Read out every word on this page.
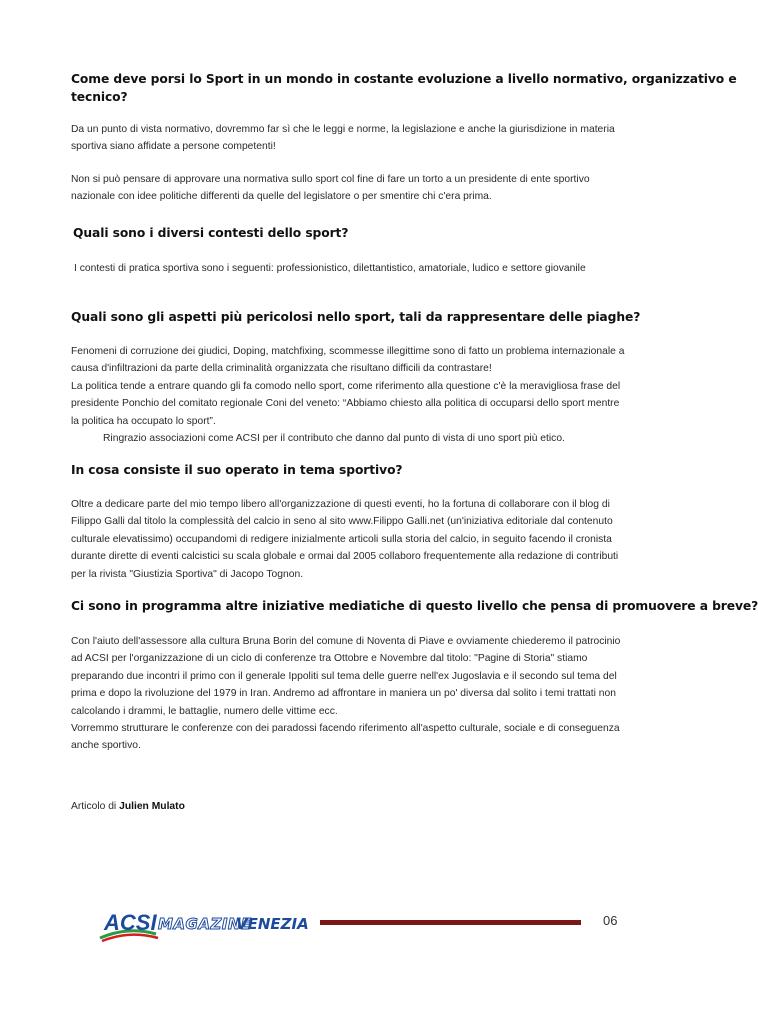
Come deve porsi lo Sport in un mondo in costante evoluzione a livello normativo, organizzativo e
tecnico?
Da un punto di vista normativo, dovremmo far sì che le leggi e norme, la legislazione e anche la giurisdizione in materia
sportiva siano affidate a persone competenti!
Non si può pensare di approvare una normativa sullo sport col fine di fare un torto a un presidente di ente sportivo
nazionale con idee politiche differenti da quelle del legislatore o per smentire chi c'era prima.
Quali sono i diversi contesti dello sport?
I contesti di pratica sportiva sono i seguenti: professionistico, dilettantistico, amatoriale, ludico e settore giovanile
Quali sono gli aspetti più pericolosi nello sport, tali da rappresentare delle piaghe?
Fenomeni di corruzione dei giudici, Doping, matchfixing, scommesse illegittime sono di fatto un problema internazionale a
causa d'infiltrazioni da parte della criminalità organizzata che risultano difficili da contrastare!
La politica tende a entrare quando gli fa comodo nello sport, come riferimento alla questione c'è la meravigliosa frase del
presidente Ponchio del comitato regionale Coni del veneto: “Abbiamo chiesto alla politica di occuparsi dello sport mentre
la politica ha occupato lo sport”.
Ringrazio associazioni come ACSI per il contributo che danno dal punto di vista di uno sport più etico.
In cosa consiste il suo operato in tema sportivo?
Oltre a dedicare parte del mio tempo libero all'organizzazione di questi eventi, ho la fortuna di collaborare con il blog di
Filippo Galli dal titolo la complessità del calcio in seno al sito www.Filippo Galli.net (un'iniziativa editoriale dal contenuto
culturale elevatissimo) occupandomi di redigere inizialmente articoli sulla storia del calcio, in seguito facendo il cronista
durante dirette di eventi calcistici su scala globale e ormai dal 2005 collaboro frequentemente alla redazione di contributi
per la rivista "Giustizia Sportiva" di Jacopo Tognon.
Ci sono in programma altre iniziative mediatiche di questo livello che pensa di promuovere a breve?
Con l'aiuto dell'assessore alla cultura Bruna Borin del comune di Noventa di Piave e ovviamente chiederemo il patrocinio
ad ACSI per l'organizzazione di un ciclo di conferenze tra Ottobre e Novembre dal titolo: "Pagine di Storia" stiamo
preparando due incontri il primo con il generale Ippoliti sul tema delle guerre nell'ex Jugoslavia e il secondo sul tema del
prima e dopo la rivoluzione del 1979 in Iran. Andremo ad affrontare in maniera un po' diversa dal solito i temi trattati non
calcolando i drammi, le battaglie, numero delle vittime ecc.
Vorremmo strutturare le conferenze con dei paradossi facendo riferimento all'aspetto culturale, sociale e di conseguenza
anche sportivo.
Articolo di Julien Mulato
ACSI MAGAZINE
VENEZIA	06
